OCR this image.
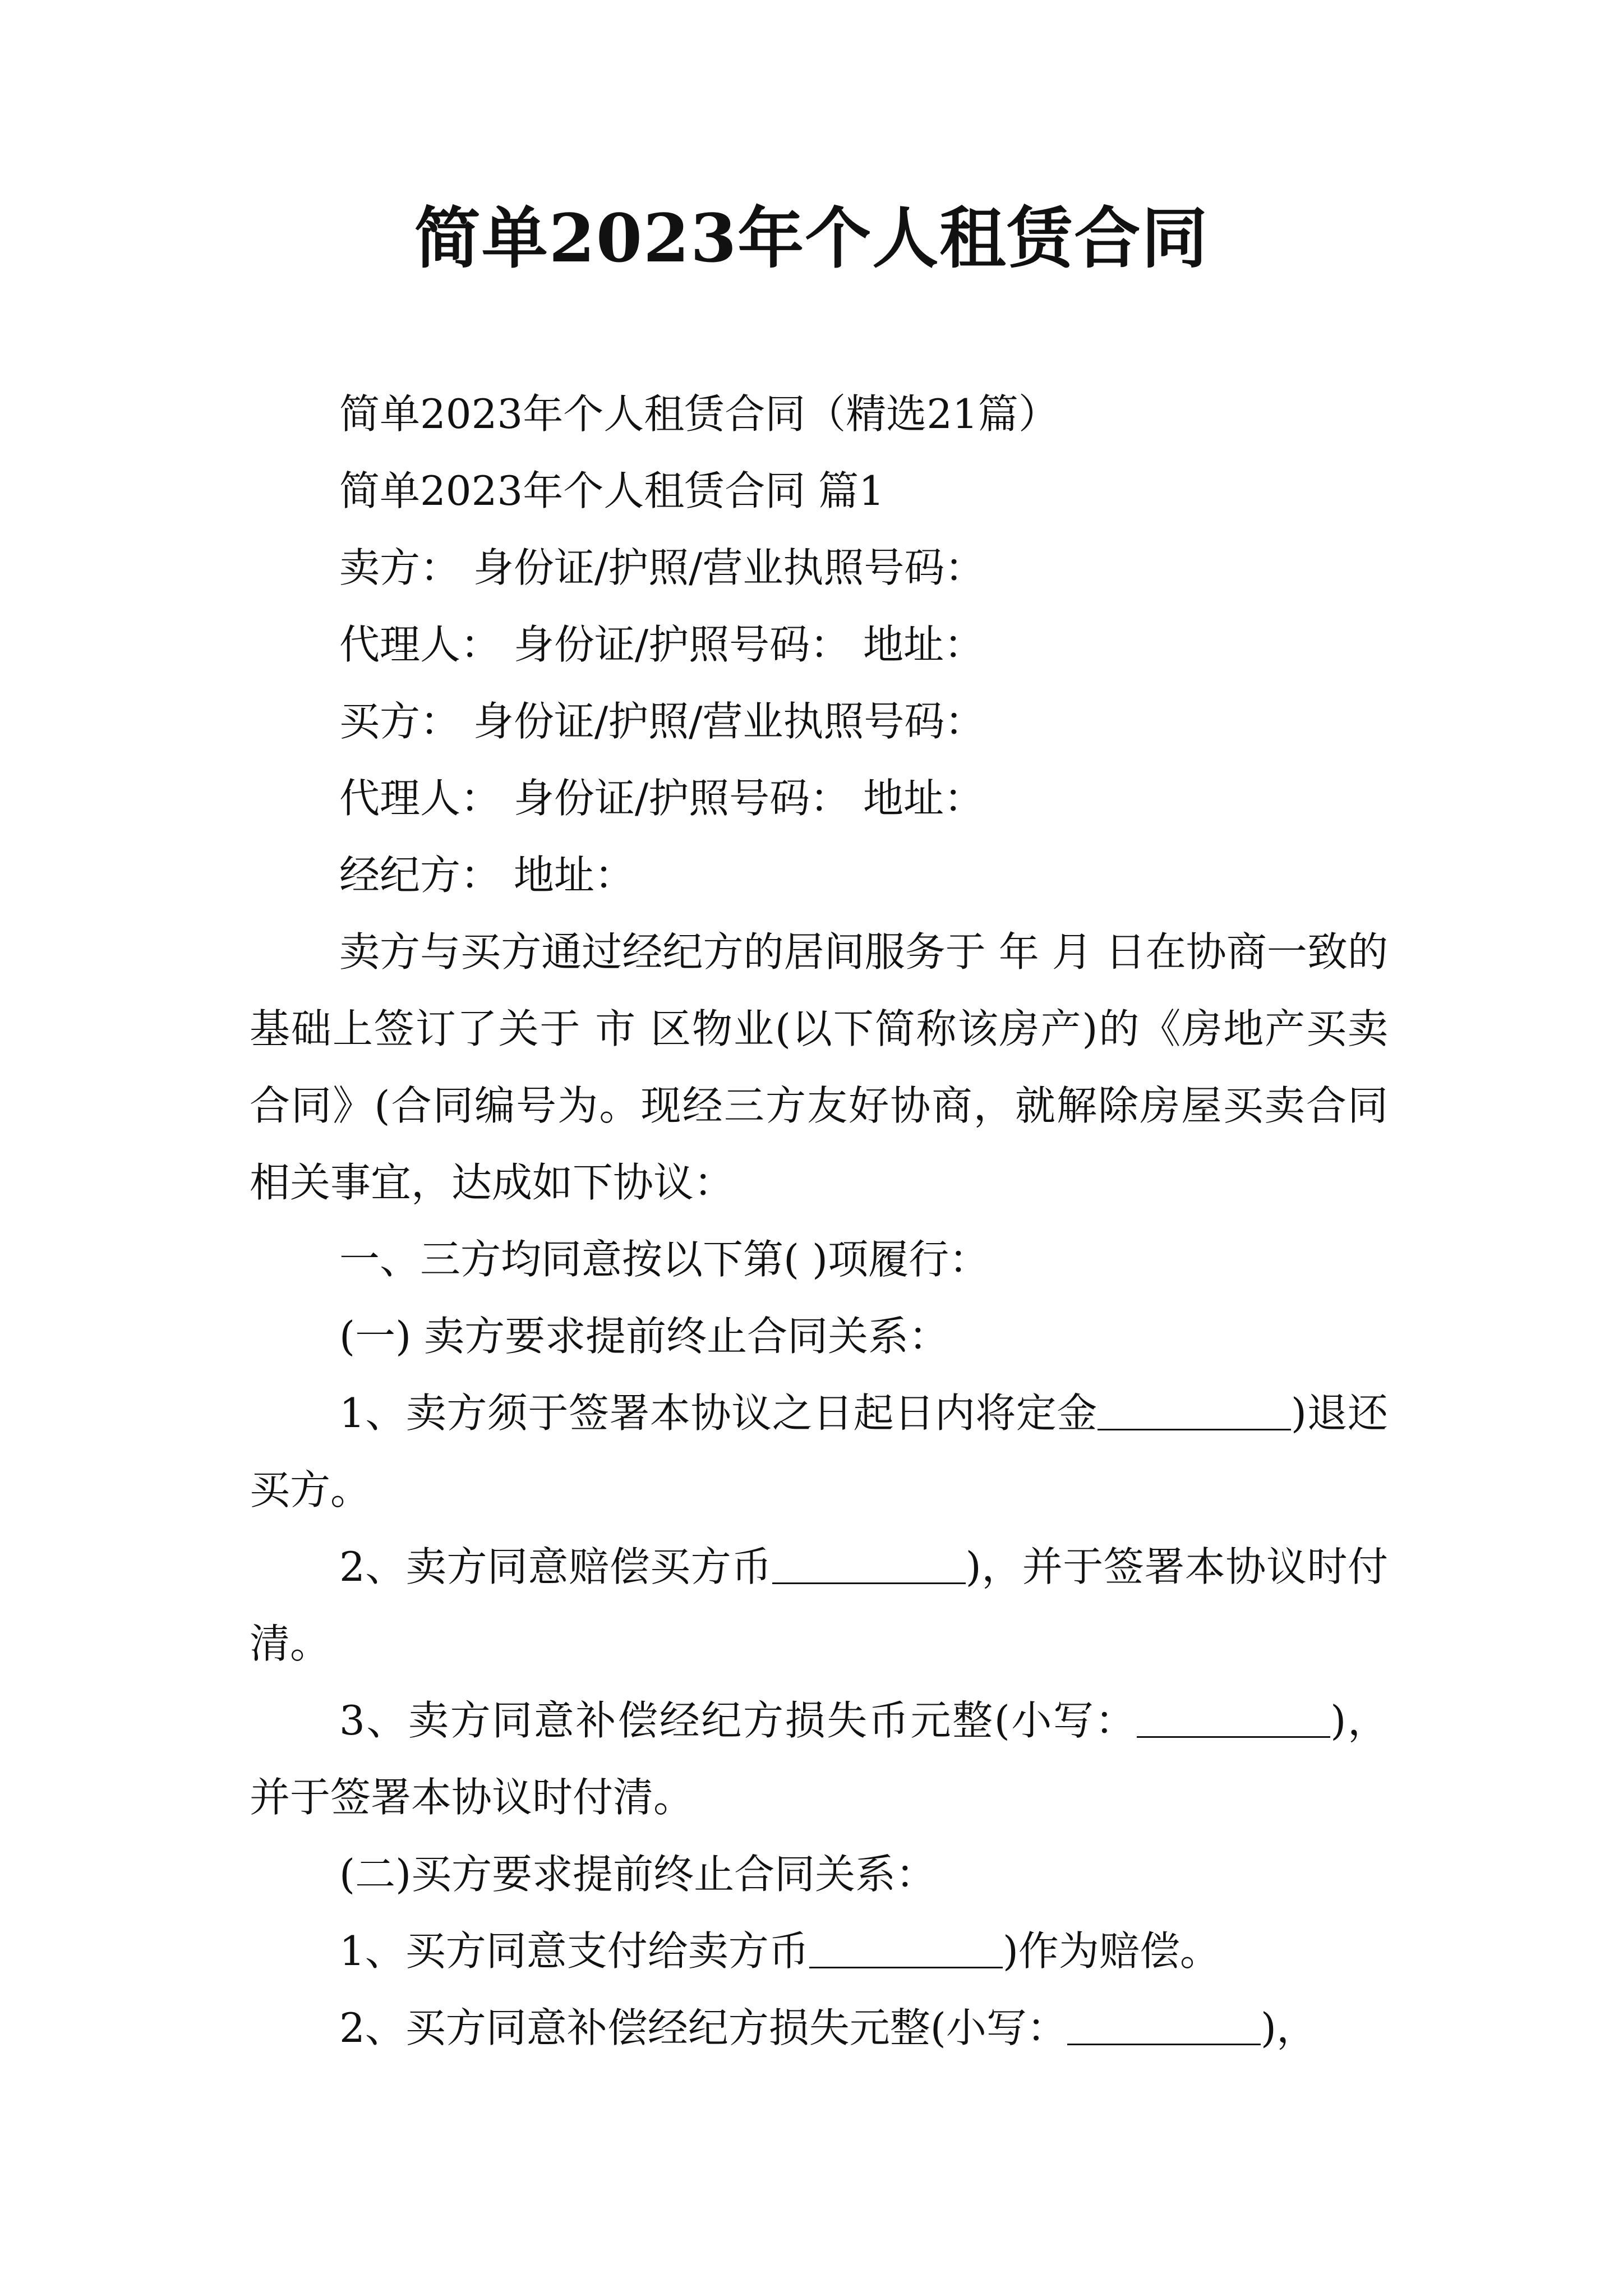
简单2023年个人租赁合同

简单2023年个人租赁合同（精选21篇）

简单2023年个人租赁合同 篇1

卖方： 身份证/护照/营业执照号码：

代理人： 身份证/护照号码： 地址：

买方： 身份证/护照/营业执照号码：

代理人： 身份证/护照号码： 地址：

经纪方： 地址：

卖方与买方通过经纪方的居间服务于 年 月 日在协商一致的基础上签订了关于 市 区物业(以下简称该房产)的《房地产买卖合同》(合同编号为。现经三方友好协商，就解除房屋买卖合同相关事宜，达成如下协议：

一、三方均同意按以下第( )项履行：

(一) 卖方要求提前终止合同关系：

1、卖方须于签署本协议之日起日内将定金	)退还买方。

2、卖方同意赔偿买方币	)，并于签署本协议时付清。

3、卖方同意补偿经纪方损失币元整(小写：	)，并于签署本协议时付清。

(二)买方要求提前终止合同关系：

1、买方同意支付给卖方币	)作为赔偿。

2、买方同意补偿经纪方损失元整(小写：	)，
